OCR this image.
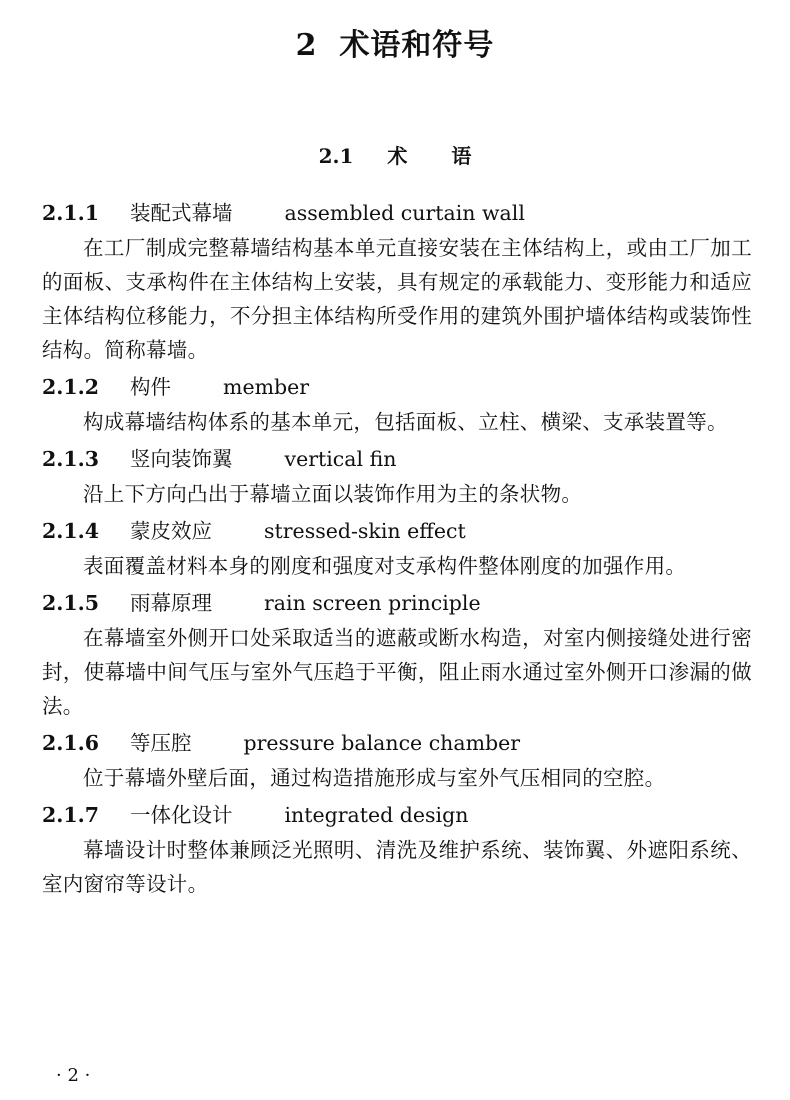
2 术语和符号
2.1 术 语
2.1.1 装配式幕墙	assembled curtain wall

在工厂制成完整幕墙结构基本单元直接安装在主体结构上，或由工厂加工的面板、支承构件在主体结构上安装，具有规定的承载能力、变形能力和适应主体结构位移能力，不分担主体结构所受作用的建筑外围护墙体结构或装饰性结构。简称幕墙。

2.1.2 构件	member

构成幕墙结构体系的基本单元，包括面板、立柱、横梁、支承装置等。

2.1.3 竖向装饰翼	vertical fin

沿上下方向凸出于幕墙立面以装饰作用为主的条状物。

2.1.4 蒙皮效应	stressed-skin effect

表面覆盖材料本身的刚度和强度对支承构件整体刚度的加强作用。

2.1.5 雨幕原理	rain screen principle

在幕墙室外侧开口处采取适当的遮蔽或断水构造，对室内侧接缝处进行密封，使幕墙中间气压与室外气压趋于平衡，阻止雨水通过室外侧开口渗漏的做法。

2.1.6 等压腔	pressure balance chamber

位于幕墙外壁后面，通过构造措施形成与室外气压相同的空腔。

2.1.7 一体化设计	integrated design

幕墙设计时整体兼顾泛光照明、清洗及维护系统、装饰翼、外遮阳系统、室内窗帘等设计。

· 2 ·
